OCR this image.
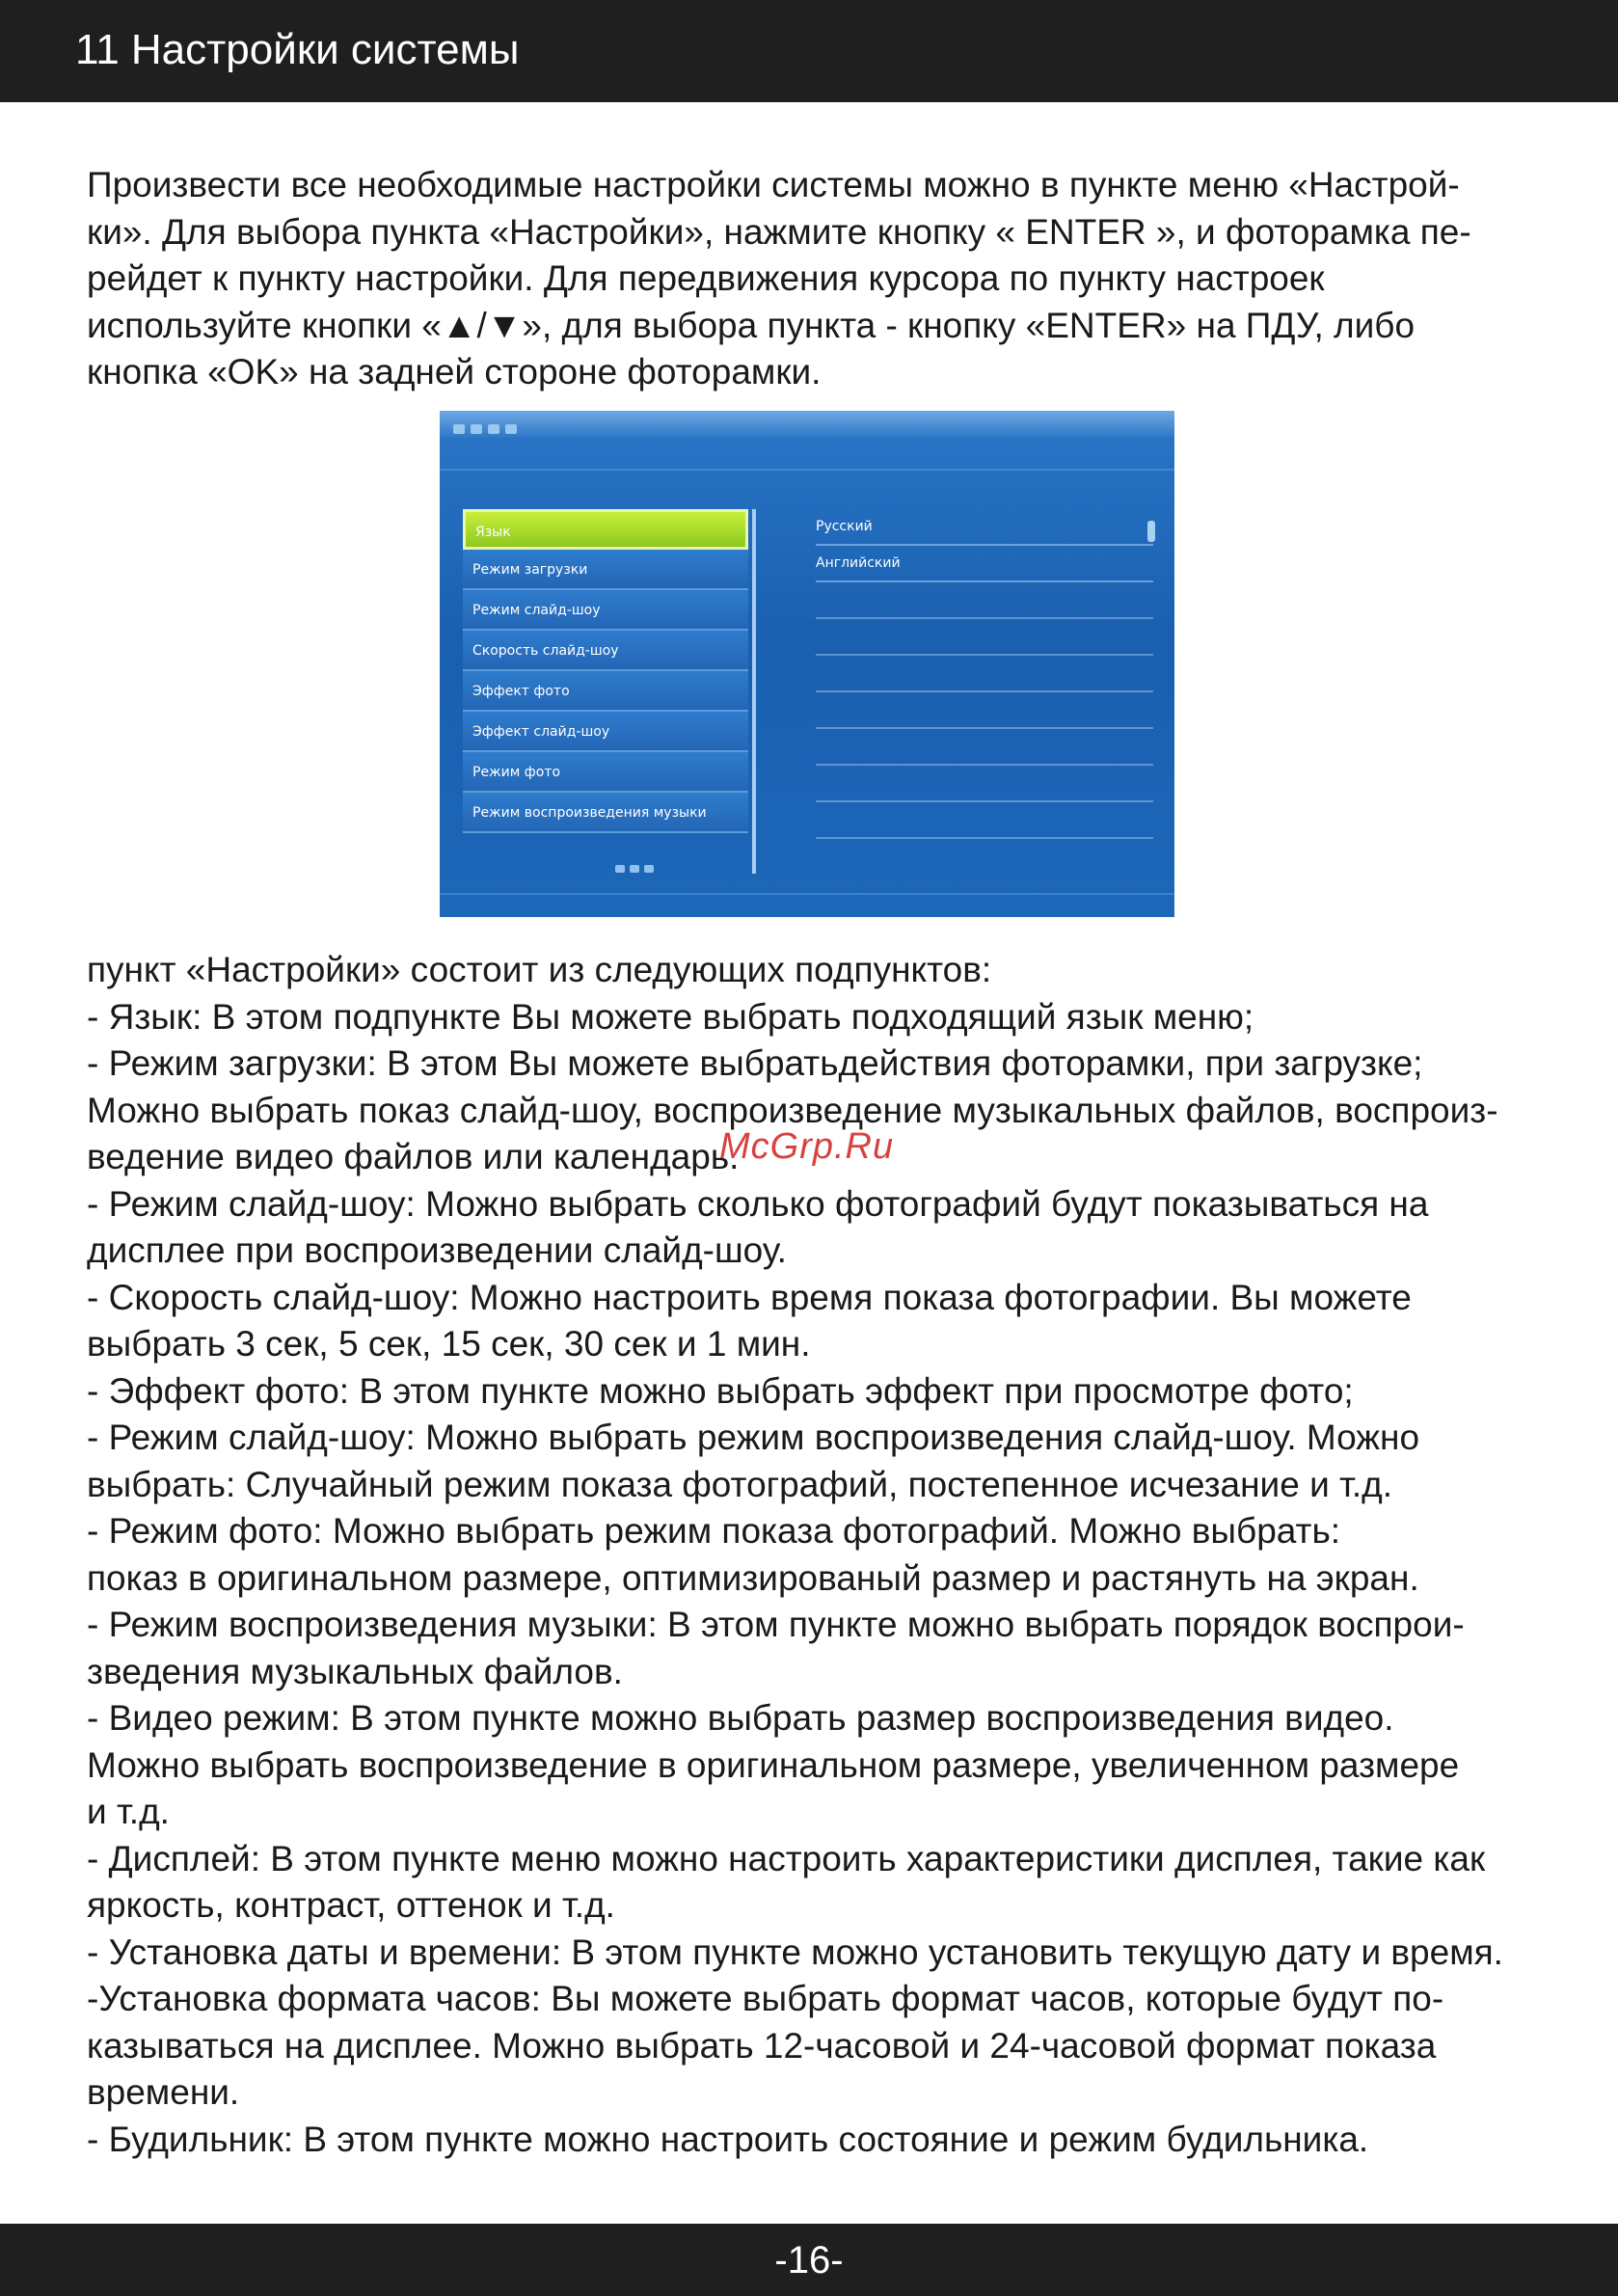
11 Настройки системы

Произвести все необходимые настройки системы можно в пункте меню «Настрой-

ки». Для выбора пункта «Настройки», нажмите кнопку « ENTER », и фоторамка пе-

рейдет к пункту настройки. Для передвижения курсора по пункту настроек

используйте кнопки «▲/▼», для выбора пункта - кнопку «ENTER» на ПДУ, либо

кнопка «OK» на задней стороне фоторамки.

Язык
Режим загрузки
Режим слайд-шоу
Скорость слайд-шоу
Эффект фото
Эффект слайд-шоу
Режим фото
Режим воспроизведения музыки
Русский
Английский

пункт «Настройки» состоит из следующих подпунктов:

- Язык: В этом подпункте Вы можете выбрать подходящий язык меню;

- Режим загрузки: В этом Вы можете выбратьдействия фоторамки, при загрузке;

Можно выбрать показ слайд-шоу, воспроизведение музыкальных файлов, воспроиз-

ведение видео файлов или календарь.

- Режим слайд-шоу: Можно выбрать сколько фотографий будут показываться на

дисплее при воспроизведении слайд-шоу.

- Скорость слайд-шоу: Можно настроить время показа фотографии. Вы можете

выбрать 3 сек, 5 сек, 15 сек, 30 сек и 1 мин.

- Эффект фото: В этом пункте можно выбрать эффект при просмотре фото;

- Режим слайд-шоу: Можно выбрать режим воспроизведения слайд-шоу. Можно

выбрать: Случайный режим показа фотографий, постепенное исчезание и т.д.

- Режим фото: Можно выбрать режим показа фотографий. Можно выбрать:

показ в оригинальном размере, оптимизированый размер и растянуть на экран.

- Режим воспроизведения музыки: В этом пункте можно выбрать порядок воспрои-

зведения музыкальных файлов.

- Видео режим: В этом пункте можно выбрать размер воспроизведения видео.

Можно выбрать воспроизведение в оригинальном размере, увеличенном размере

и т.д.

- Дисплей: В этом пункте меню можно настроить характеристики дисплея, такие как

яркость, контраст, оттенок и т.д.

- Установка даты и времени: В этом пункте можно установить текущую дату и время.

-Установка формата часов: Вы можете выбрать формат часов, которые будут по-

казываться на дисплее. Можно выбрать 12-часовой и 24-часовой формат показа

времени.

- Будильник: В этом пункте можно настроить состояние и режим будильника.

McGrp.Ru
-16-
